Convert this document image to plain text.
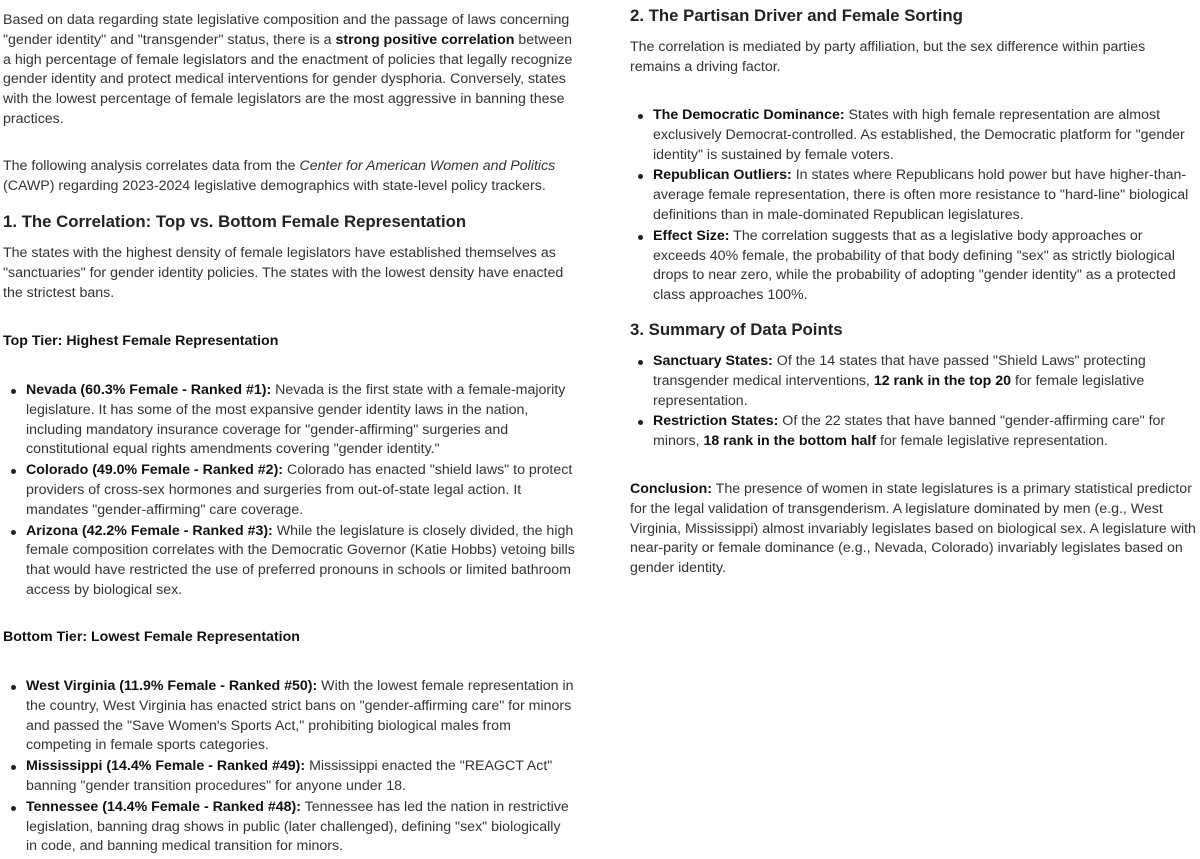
Based on data regarding state legislative composition and the passage of laws concerning "gender identity" and "transgender" status, there is a strong positive correlation between a high percentage of female legislators and the enactment of policies that legally recognize gender identity and protect medical interventions for gender dysphoria. Conversely, states with the lowest percentage of female legislators are the most aggressive in banning these practices.

The following analysis correlates data from the Center for American Women and Politics (CAWP) regarding 2023-2024 legislative demographics with state-level policy trackers.

1. The Correlation: Top vs. Bottom Female Representation

The states with the highest density of female legislators have established themselves as "sanctuaries" for gender identity policies. The states with the lowest density have enacted the strictest bans.

Top Tier: Highest Female Representation
Nevada (60.3% Female - Ranked #1): Nevada is the first state with a female-majority legislature. It has some of the most expansive gender identity laws in the nation, including mandatory insurance coverage for "gender-affirming" surgeries and constitutional equal rights amendments covering "gender identity."
Colorado (49.0% Female - Ranked #2): Colorado has enacted "shield laws" to protect providers of cross-sex hormones and surgeries from out-of-state legal action. It mandates "gender-affirming" care coverage.
Arizona (42.2% Female - Ranked #3): While the legislature is closely divided, the high female composition correlates with the Democratic Governor (Katie Hobbs) vetoing bills that would have restricted the use of preferred pronouns in schools or limited bathroom access by biological sex.
Bottom Tier: Lowest Female Representation
West Virginia (11.9% Female - Ranked #50): With the lowest female representation in the country, West Virginia has enacted strict bans on "gender-affirming care" for minors and passed the "Save Women's Sports Act," prohibiting biological males from competing in female sports categories.
Mississippi (14.4% Female - Ranked #49): Mississippi enacted the "REAGCT Act" banning "gender transition procedures" for anyone under 18.
Tennessee (14.4% Female - Ranked #48): Tennessee has led the nation in restrictive legislation, banning drag shows in public (later challenged), defining "sex" biologically in code, and banning medical transition for minors.
2. The Partisan Driver and Female Sorting

The correlation is mediated by party affiliation, but the sex difference within parties remains a driving factor.

The Democratic Dominance: States with high female representation are almost exclusively Democrat-controlled. As established, the Democratic platform for "gender identity" is sustained by female voters.
Republican Outliers: In states where Republicans hold power but have higher-than-average female representation, there is often more resistance to "hard-line" biological definitions than in male-dominated Republican legislatures.
Effect Size: The correlation suggests that as a legislative body approaches or exceeds 40% female, the probability of that body defining "sex" as strictly biological drops to near zero, while the probability of adopting "gender identity" as a protected class approaches 100%.
3. Summary of Data Points
Sanctuary States: Of the 14 states that have passed "Shield Laws" protecting transgender medical interventions, 12 rank in the top 20 for female legislative representation.
Restriction States: Of the 22 states that have banned "gender-affirming care" for minors, 18 rank in the bottom half for female legislative representation.

Conclusion: The presence of women in state legislatures is a primary statistical predictor for the legal validation of transgenderism. A legislature dominated by men (e.g., West Virginia, Mississippi) almost invariably legislates based on biological sex. A legislature with near-parity or female dominance (e.g., Nevada, Colorado) invariably legislates based on gender identity.
